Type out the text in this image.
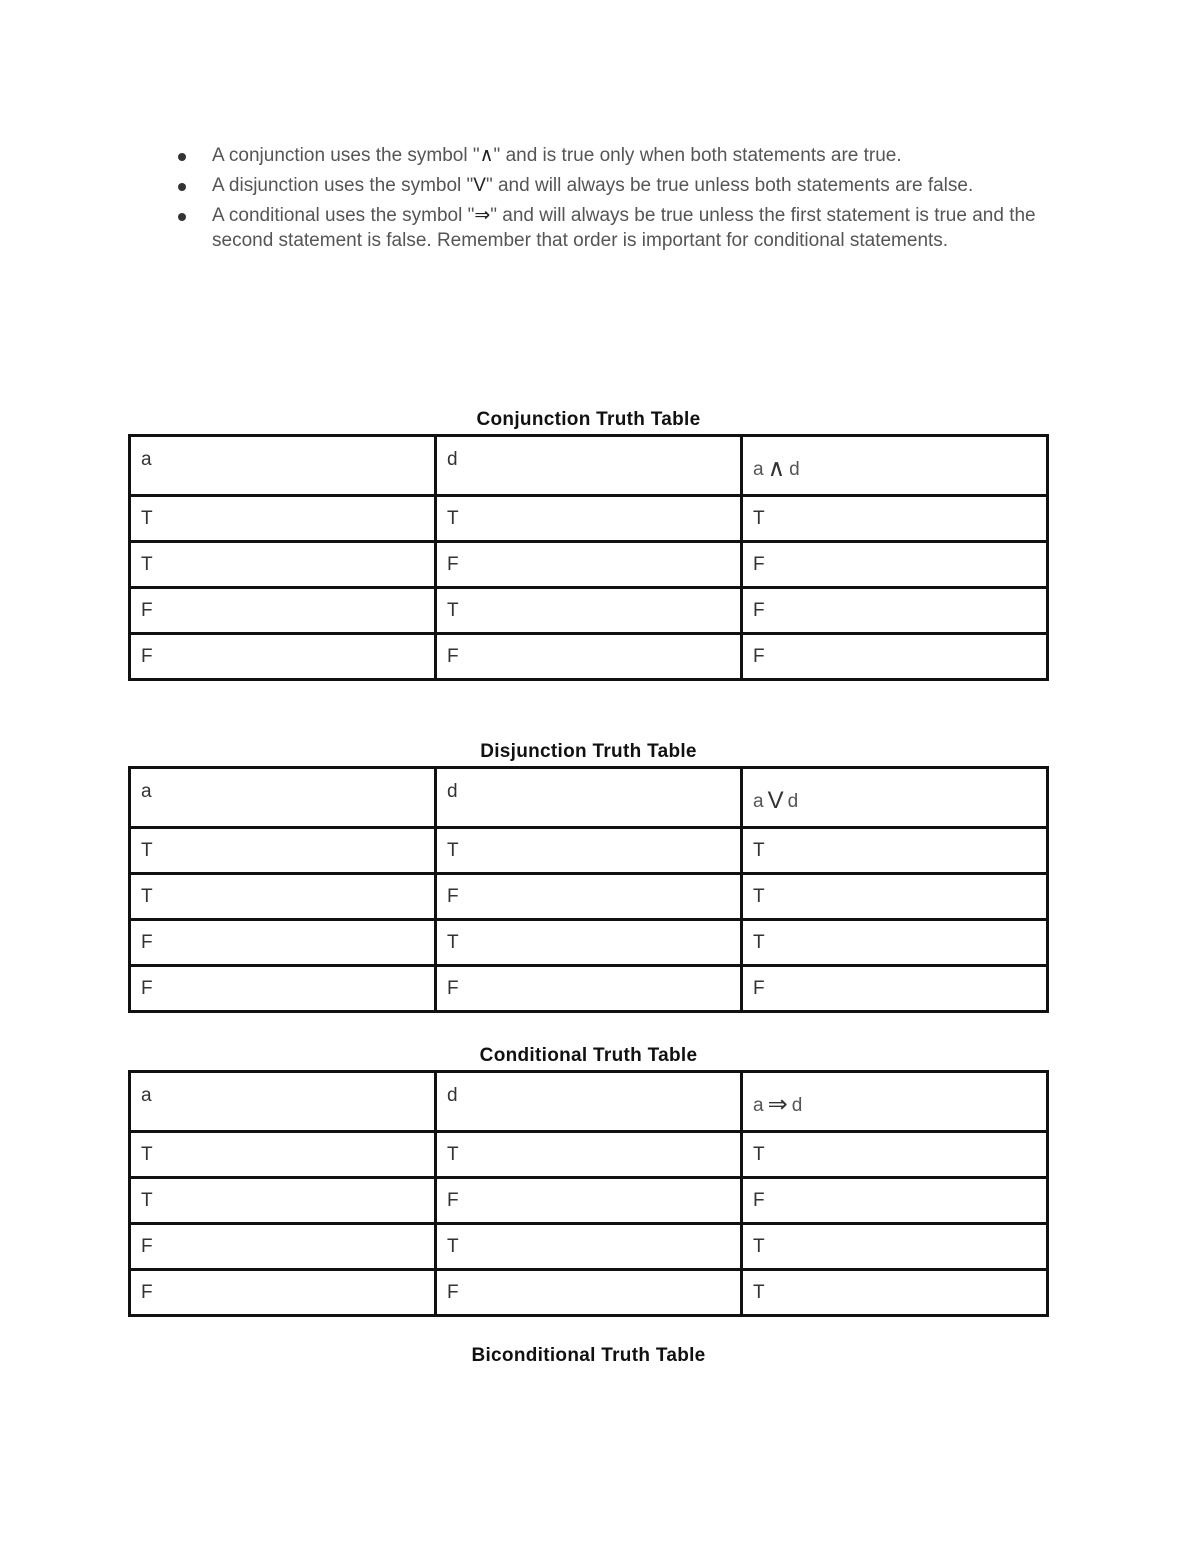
A conjunction uses the symbol "∧" and is true only when both statements are true.
A disjunction uses the symbol "V" and will always be true unless both statements are false.
A conditional uses the symbol "⇒" and will always be true unless the first statement is true and the second statement is false. Remember that order is important for conditional statements.
Conjunction Truth Table
a	d	a ∧ d
T	T	T
T	F	F
F	T	F
F	F	F
Disjunction Truth Table
a	d	a V d
T	T	T
T	F	T
F	T	T
F	F	F
Conditional Truth Table
a	d	a ⇒ d
T	T	T
T	F	F
F	T	T
F	F	T
Biconditional Truth Table
